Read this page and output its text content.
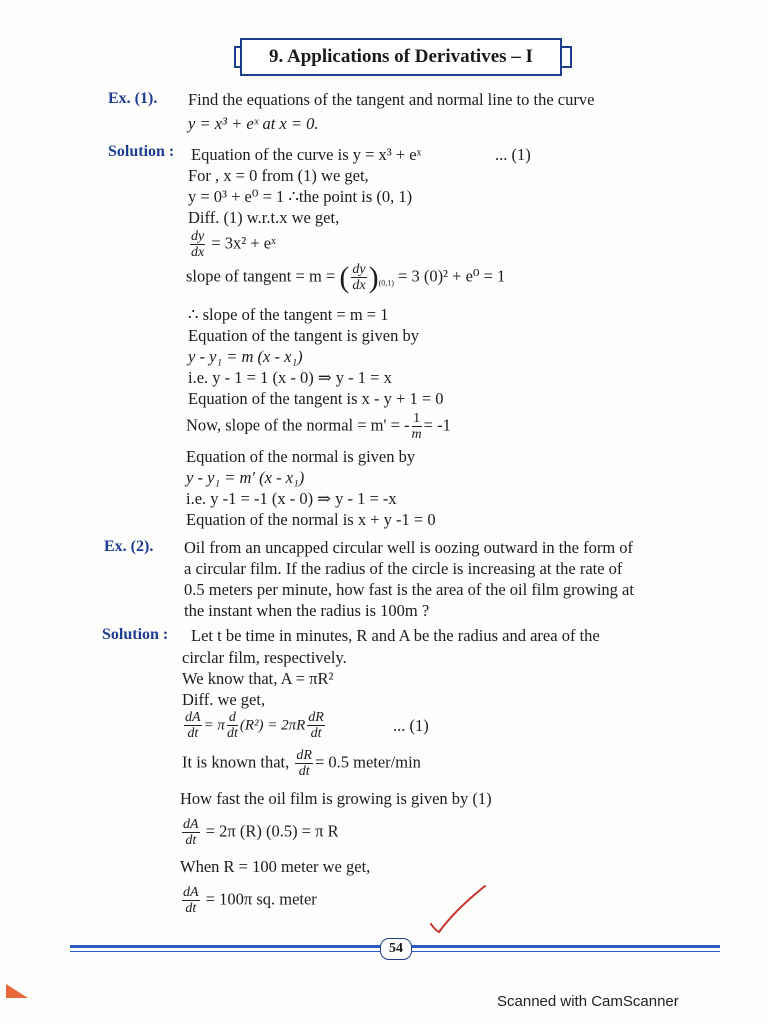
9. Applications of Derivatives – I
Ex. (1). Find the equations of the tangent and normal line to the curve
y = x³ + eˣ at x = 0.
Solution : Equation of the curve is y = x³ + eˣ	... (1)
For , x = 0 from (1) we get,
y = 0³ + e⁰ = 1 ∴the point is (0, 1)
Diff. (1) w.r.t.x we get,
$\frac{dy}{dx} = 3x^2$ + eˣ
slope of tangent = m = ( $\frac{dy}{dx} )_{(0,1)} = 3$ (0)² + e⁰ = 1
∴ slope of the tangent = m = 1
Equation of the tangent is given by
y - y₁ = m (x - x₁)
i.e. y - 1 = 1 (x - 0) ⇒ y - 1 = x
Equation of the tangent is x - y + 1 = 0
Now, slope of the normal = m' = - $\frac{1}{m} = -1$
Equation of the normal is given by
y - y₁ = m′ (x - x₁)
i.e. y -1 = -1 (x - 0) ⇒ y - 1 = -x
Equation of the normal is x + y -1 = 0
Ex. (2). Oil from an uncapped circular well is oozing outward in the form of
a circular film. If the radius of the circle is increasing at the rate of
0.5 meters per minute, how fast is the area of the oil film growing at
the instant when the radius is 100m ?
Solution : Let t be time in minutes, R and A be the radius and area of the
circlar film, respectively.
We know that, A = πR²
Diff. we get,
$\frac{dA}{dt} = \pi \frac{d}{dt} (R^2) = 2\pi R \frac{dR}{dt}$	... (1)
It is known that, $\frac{dR}{dt} = 0.5$ meter/min
How fast the oil film is growing is given by (1)
$\frac{dA}{dt} = 2\pi$ (R) (0.5) = π R
When R = 100 meter we get,
$\frac{dA}{dt} = 100\pi$ sq. meter
54
Scanned with CamScanner
